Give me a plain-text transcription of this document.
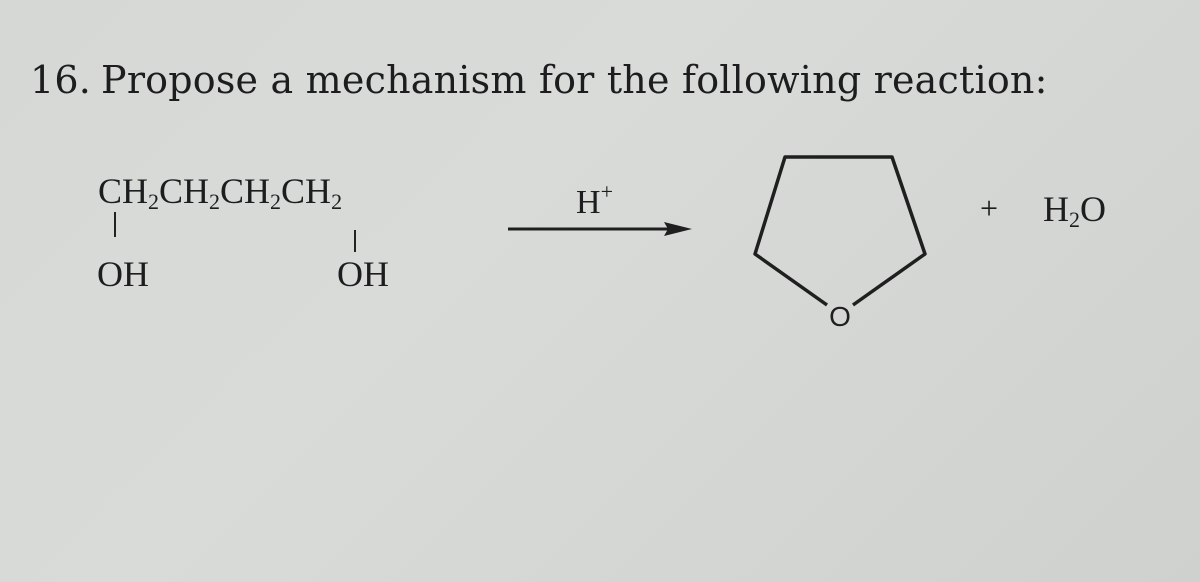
16. Propose a mechanism for the following reaction:
$CH_2CH_2CH_2CH_2$
OH	OH
H+
O
+ $H_2O$
